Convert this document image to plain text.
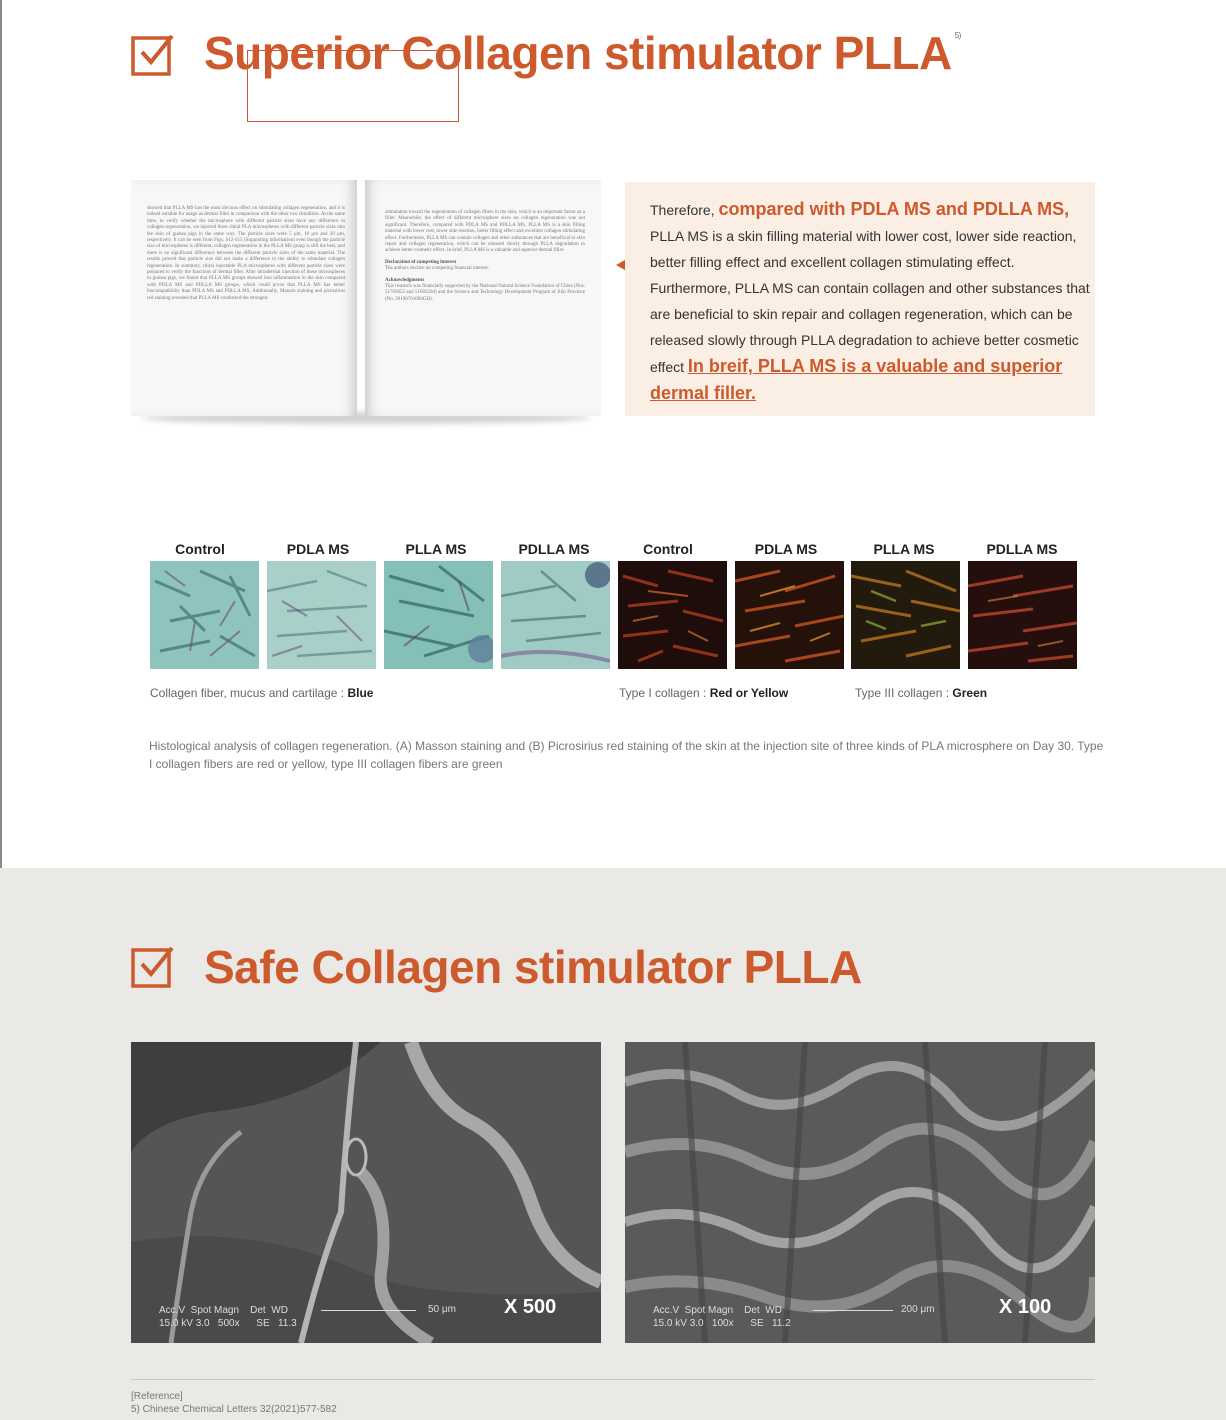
Superior Collagen stimulator PLLA $^{5)}$
showed that PLLA MS has the most obvious effect on stimulating collagen regeneration, and it is indeed suitable for usage as dermal filler in comparison with the other two chiralities. At the same time, to verify whether the microsphere with different particle sizes have any difference in collagen regeneration, we injected three chiral PLA microspheres with different particle sizes into the skin of guinea pigs in the same way. The particle sizes were 5 μm, 10 μm and 20 μm, respectively. It can be seen from Figs. S12-S15 (Supporting information) even though the particle size of microspheres is different, collagen regeneration in the PLLA MS group is still the best, and there is no significant difference between the different particle sizes of the same material. The results proved that particle size did not make a difference to the ability to stimulate collagen regeneration. In summary, chiral injectable PLA microspheres with different particle sizes were prepared to verify the functions of dermal filler. After intradermal injection of these microspheres in guinea pigs, we found that PLLA MS groups showed less inflammation in the skin compared with PDLA MS and PDLLA MS groups, which could prove that PLLA MS has better biocompatibility than PDLA MS and PDLLA MS. Additionally, Masson staining and picrosirius red staining revealed that PLLA MS conducted the strongest
stimulation toward the regeneration of collagen fibers in the skin, which is an important factor as a filler. Meanwhile, the effect of different microsphere sizes on collagen regeneration was not significant. Therefore, compared with PDLA MS and PDLLA MS, PLLA MS is a skin filling material with lower cost, lower side reaction, better filling effect and excellent collagen stimulating effect. Furthermore, PLLA MS can contain collagen and other substances that are beneficial to skin repair and collagen regeneration, which can be released slowly through PLLA degradation to achieve better cosmetic effect. In brief, PLLA MS is a valuable and superior dermal filler.
Declaration of competing interest
The authors declare no competing financial interest.
Acknowledgments
This research was financially supported by the National Natural Science Foundation of China (Nos. 51703052 and 51603204) and the Science and Technology Development Program of Jilin Province (No. 20190701004GH).

Therefore, compared with PDLA MS and PDLLA MS, PLLA MS is a skin filling material with lower cost, lower side reaction, better filling effect and excellent collagen stimulating effect. Furthermore, PLLA MS can contain collagen and other substances that are beneficial to skin repair and collagen regeneration, which can be released slowly through PLLA degradation to achieve better cosmetic effect In breif, PLLA MS is a valuable and superior dermal filler.

Control	PDLA MS	PLLA MS	PDLLA MS	Control	PDLA MS	PLLA MS	PDLLA MS
Collagen fiber, mucus and cartilage : Blue	Type I collagen : Red or Yellow	Type III collagen : Green
Histological analysis of collagen regeneration. (A) Masson staining and (B) Picrosirius red staining of the skin at the injection site of three kinds of PLA microsphere on Day 30. Type I collagen fibers are red or yellow, type III collagen fibers are green
Safe Collagen stimulator PLLA
Acc.V  Spot Magn    Det  WD
15.0 kV 3.0   500x      SE   11.3
50 μm X 500	Acc.V  Spot Magn    Det  WD
15.0 kV 3.0   100x      SE   11.2
200 μm	X 100
[Reference]
5) Chinese Chemical Letters 32(2021)577-582
